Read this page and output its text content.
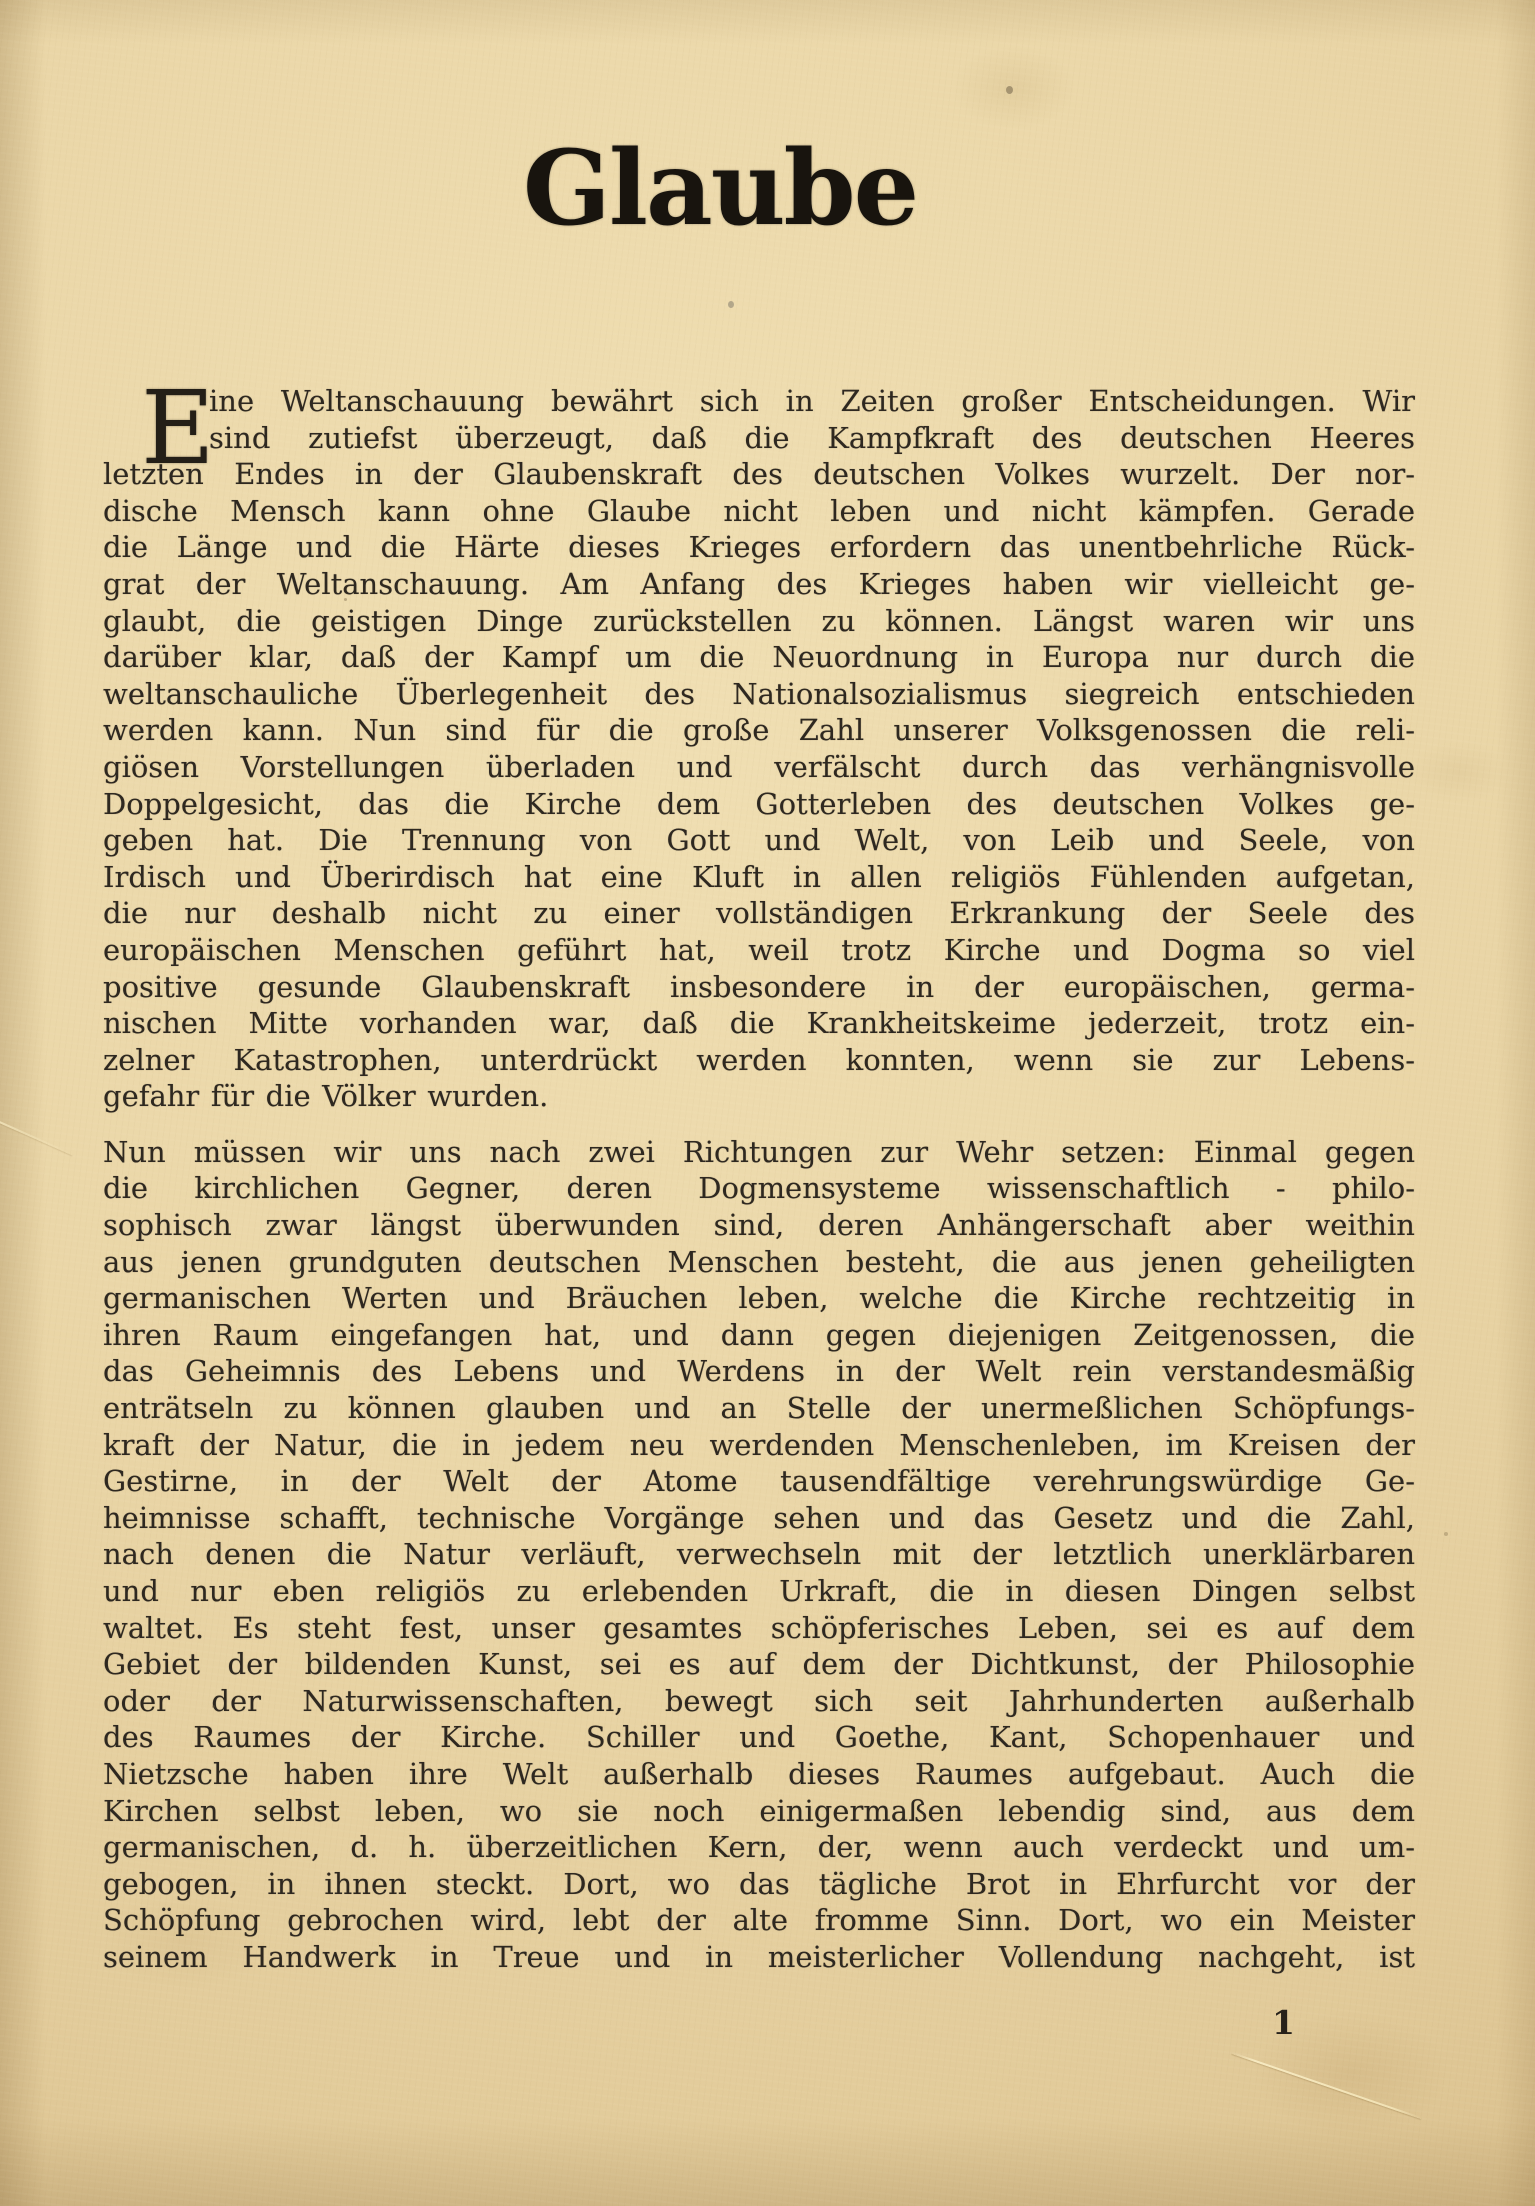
Glaube
E
ine Weltanschauung bewährt sich in Zeiten großer Entscheidungen. Wir
sind zutiefst überzeugt, daß die Kampfkraft des deutschen Heeres
letzten Endes in der Glaubenskraft des deutschen Volkes wurzelt. Der nor-
dische Mensch kann ohne Glaube nicht leben und nicht kämpfen. Gerade
die Länge und die Härte dieses Krieges erfordern das unentbehrliche Rück-
grat der Weltanschauung. Am Anfang des Krieges haben wir vielleicht ge-
glaubt, die geistigen Dinge zurückstellen zu können. Längst waren wir uns
darüber klar, daß der Kampf um die Neuordnung in Europa nur durch die
weltanschauliche Überlegenheit des Nationalsozialismus siegreich entschieden
werden kann. Nun sind für die große Zahl unserer Volksgenossen die reli-
giösen Vorstellungen überladen und verfälscht durch das verhängnisvolle
Doppelgesicht, das die Kirche dem Gotterleben des deutschen Volkes ge-
geben hat. Die Trennung von Gott und Welt, von Leib und Seele, von
Irdisch und Überirdisch hat eine Kluft in allen religiös Fühlenden aufgetan,
die nur deshalb nicht zu einer vollständigen Erkrankung der Seele des
europäischen Menschen geführt hat, weil trotz Kirche und Dogma so viel
positive gesunde Glaubenskraft insbesondere in der europäischen, germa-
nischen Mitte vorhanden war, daß die Krankheitskeime jederzeit, trotz ein-
zelner Katastrophen, unterdrückt werden konnten, wenn sie zur Lebens-
gefahr für die Völker wurden.
Nun müssen wir uns nach zwei Richtungen zur Wehr setzen: Einmal gegen
die kirchlichen Gegner, deren Dogmensysteme wissenschaftlich - philo-
sophisch zwar längst überwunden sind, deren Anhängerschaft aber weithin
aus jenen grundguten deutschen Menschen besteht, die aus jenen geheiligten
germanischen Werten und Bräuchen leben, welche die Kirche rechtzeitig in
ihren Raum eingefangen hat, und dann gegen diejenigen Zeitgenossen, die
das Geheimnis des Lebens und Werdens in der Welt rein verstandesmäßig
enträtseln zu können glauben und an Stelle der unermeßlichen Schöpfungs-
kraft der Natur, die in jedem neu werdenden Menschenleben, im Kreisen der
Gestirne, in der Welt der Atome tausendfältige verehrungswürdige Ge-
heimnisse schafft, technische Vorgänge sehen und das Gesetz und die Zahl,
nach denen die Natur verläuft, verwechseln mit der letztlich unerklärbaren
und nur eben religiös zu erlebenden Urkraft, die in diesen Dingen selbst
waltet. Es steht fest, unser gesamtes schöpferisches Leben, sei es auf dem
Gebiet der bildenden Kunst, sei es auf dem der Dichtkunst, der Philosophie
oder der Naturwissenschaften, bewegt sich seit Jahrhunderten außerhalb
des Raumes der Kirche. Schiller und Goethe, Kant, Schopenhauer und
Nietzsche haben ihre Welt außerhalb dieses Raumes aufgebaut. Auch die
Kirchen selbst leben, wo sie noch einigermaßen lebendig sind, aus dem
germanischen, d. h. überzeitlichen Kern, der, wenn auch verdeckt und um-
gebogen, in ihnen steckt. Dort, wo das tägliche Brot in Ehrfurcht vor der
Schöpfung gebrochen wird, lebt der alte fromme Sinn. Dort, wo ein Meister
seinem Handwerk in Treue und in meisterlicher Vollendung nachgeht, ist
1
